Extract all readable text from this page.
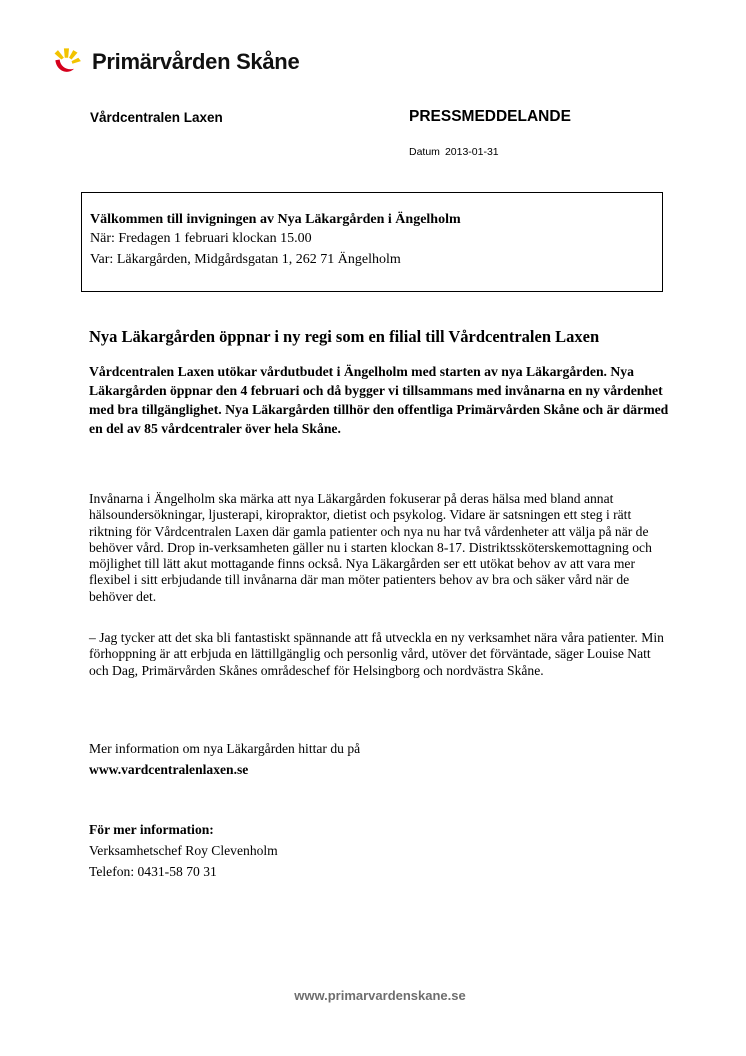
Primärvården Skåne
Vårdcentralen Laxen	PRESSMEDDELANDE
Datum 2013-01-31
Välkommen till invigningen av Nya Läkargården i Ängelholm
När: Fredagen 1 februari klockan 15.00
Var: Läkargården, Midgårdsgatan 1, 262 71 Ängelholm
Nya Läkargården öppnar i ny regi som en filial till Vårdcentralen Laxen
Vårdcentralen Laxen utökar vårdutbudet i Ängelholm med starten av nya Läkargården. Nya Läkargården öppnar den 4 februari och då bygger vi tillsammans med invånarna en ny vårdenhet med bra tillgänglighet. Nya Läkargården tillhör den offentliga Primärvården Skåne och är därmed en del av 85 vårdcentraler över hela Skåne.
Invånarna i Ängelholm ska märka att nya Läkargården fokuserar på deras hälsa med bland annat hälsoundersökningar, ljusterapi, kiropraktor, dietist och psykolog. Vidare är satsningen ett steg i rätt riktning för Vårdcentralen Laxen där gamla patienter och nya nu har två vårdenheter att välja på när de behöver vård. Drop in-verksamheten gäller nu i starten klockan 8-17. Distriktssköterskemottagning och möjlighet till lätt akut mottagande finns också. Nya Läkargården ser ett utökat behov av att vara mer flexibel i sitt erbjudande till invånarna där man möter patienters behov av bra och säker vård när de behöver det.
– Jag tycker att det ska bli fantastiskt spännande att få utveckla en ny verksamhet nära våra patienter. Min förhoppning är att erbjuda en lättillgänglig och personlig vård, utöver det förväntade, säger Louise Natt och Dag, Primärvården Skånes områdeschef för Helsingborg och nordvästra Skåne.
Mer information om nya Läkargården hittar du på
www.vardcentralenlaxen.se
För mer information:
Verksamhetschef Roy Clevenholm
Telefon: 0431-58 70 31
www.primarvardenskane.se
